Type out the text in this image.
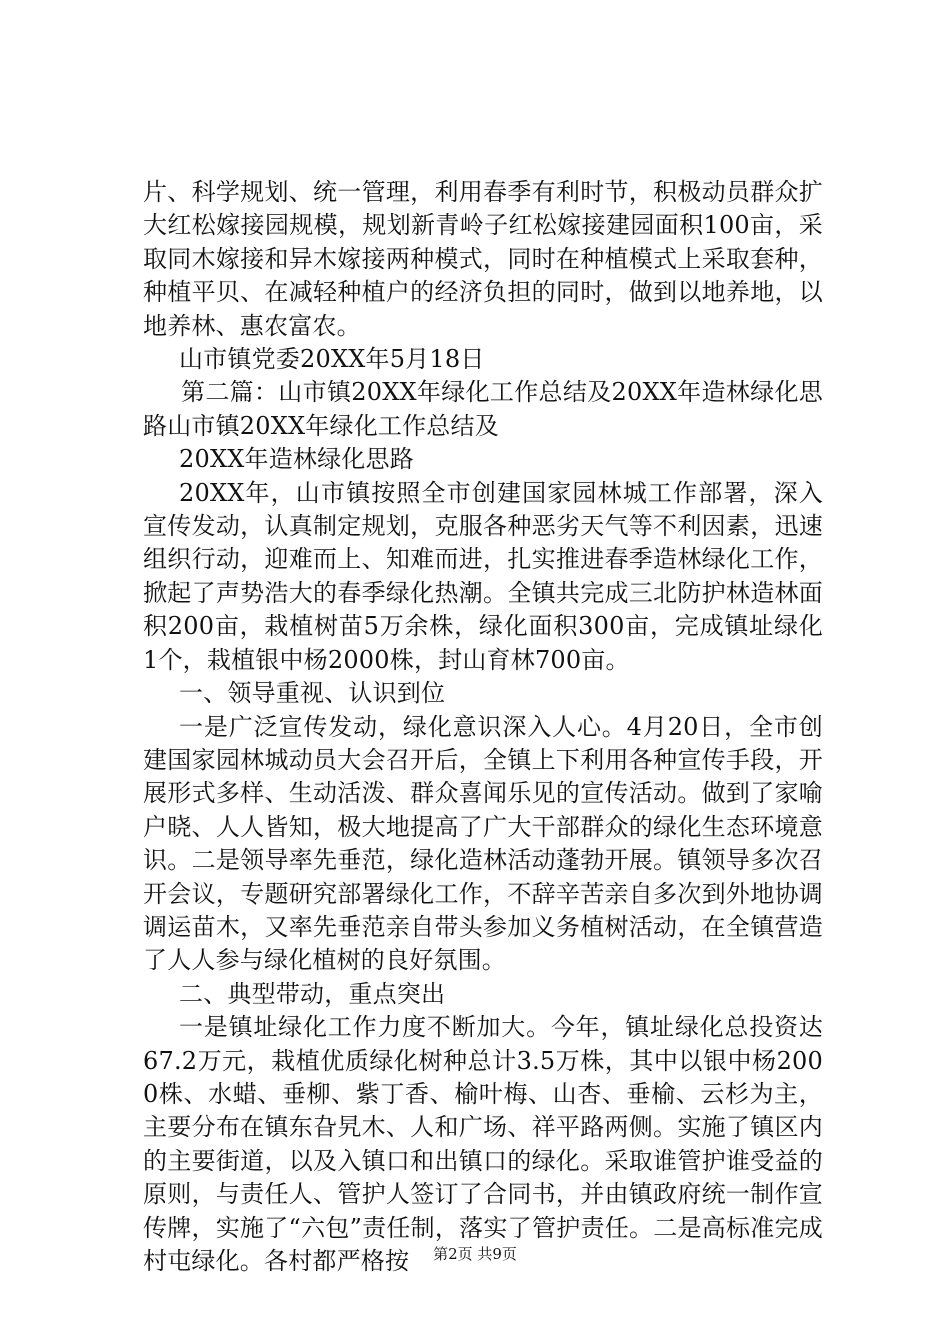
片、科学规划、统一管理，利用春季有利时节，积极动员群众扩大红松嫁接园规模，规划新青岭子红松嫁接建园面积100亩，采取同木嫁接和异木嫁接两种模式，同时在种植模式上采取套种，种植平贝、在减轻种植户的经济负担的同时，做到以地养地，以地养林、惠农富农。

山市镇党委20XX年5月18日

第二篇：山市镇20XX年绿化工作总结及20XX年造林绿化思路山市镇20XX年绿化工作总结及

20XX年造林绿化思路

20XX年，山市镇按照全市创建国家园林城工作部署，深入宣传发动，认真制定规划，克服各种恶劣天气等不利因素，迅速组织行动，迎难而上、知难而进，扎实推进春季造林绿化工作，掀起了声势浩大的春季绿化热潮。全镇共完成三北防护林造林面积200亩，栽植树苗5万余株，绿化面积300亩，完成镇址绿化1个，栽植银中杨2000株，封山育林700亩。

一、领导重视、认识到位

一是广泛宣传发动，绿化意识深入人心。4月20日，全市创建国家园林城动员大会召开后，全镇上下利用各种宣传手段，开展形式多样、生动活泼、群众喜闻乐见的宣传活动。做到了家喻户晓、人人皆知，极大地提高了广大干部群众的绿化生态环境意识。二是领导率先垂范，绿化造林活动蓬勃开展。镇领导多次召开会议，专题研究部署绿化工作，不辞辛苦亲自多次到外地协调调运苗木，又率先垂范亲自带头参加义务植树活动，在全镇营造了人人参与绿化植树的良好氛围。

二、典型带动，重点突出

一是镇址绿化工作力度不断加大。今年，镇址绿化总投资达67.2万元，栽植优质绿化树种总计3.5万株，其中以银中杨2000株、水蜡、垂柳、紫丁香、榆叶梅、山杏、垂榆、云杉为主，主要分布在镇东旮旯木、人和广场、祥平路两侧。实施了镇区内的主要街道，以及入镇口和出镇口的绿化。采取谁管护谁受益的原则，与责任人、管护人签订了合同书，并由镇政府统一制作宣传牌，实施了“六包”责任制，落实了管护责任。二是高标准完成村屯绿化。各村都严格按	第2页 共9页
